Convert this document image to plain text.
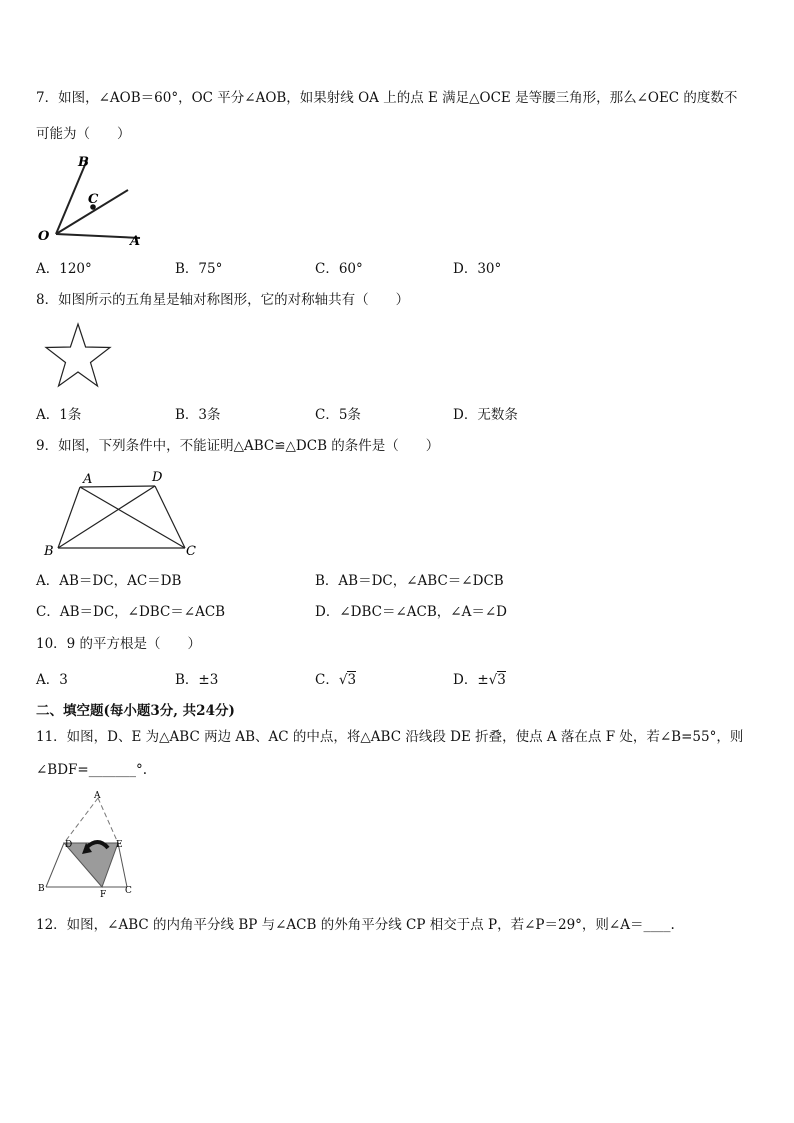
7．如图，∠AOB＝60°，OC 平分∠AOB，如果射线 OA 上的点 E 满足△OCE 是等腰三角形，那么∠OEC 的度数不
可能为（　　）
B
C
O	A
A．120°	B．75°	C．60°	D．30°
8．如图所示的五角星是轴对称图形，它的对称轴共有（　　）
A．1条	B．3条	C．5条	D．无数条
9．如图，下列条件中，不能证明△ABC≌△DCB 的条件是（　　）
A	D
B	C
A．AB＝DC，AC＝DB	B．AB＝DC，∠ABC＝∠DCB
C．AB＝DC，∠DBC＝∠ACB	D．∠DBC＝∠ACB，∠A＝∠D
10．9 的平方根是（　　）
A．3	B．±3	C．√3	D．±√3
二、填空题(每小题3分, 共24分)
11．如图，D、E 为△ABC 两边 AB、AC 的中点，将△ABC 沿线段 DE 折叠，使点 A 落在点 F 处，若∠B=55°，则
∠BDF=_______°.
A
D	E
B
F C
12．如图，∠ABC 的内角平分线 BP 与∠ACB 的外角平分线 CP 相交于点 P，若∠P＝29°，则∠A＝____.
